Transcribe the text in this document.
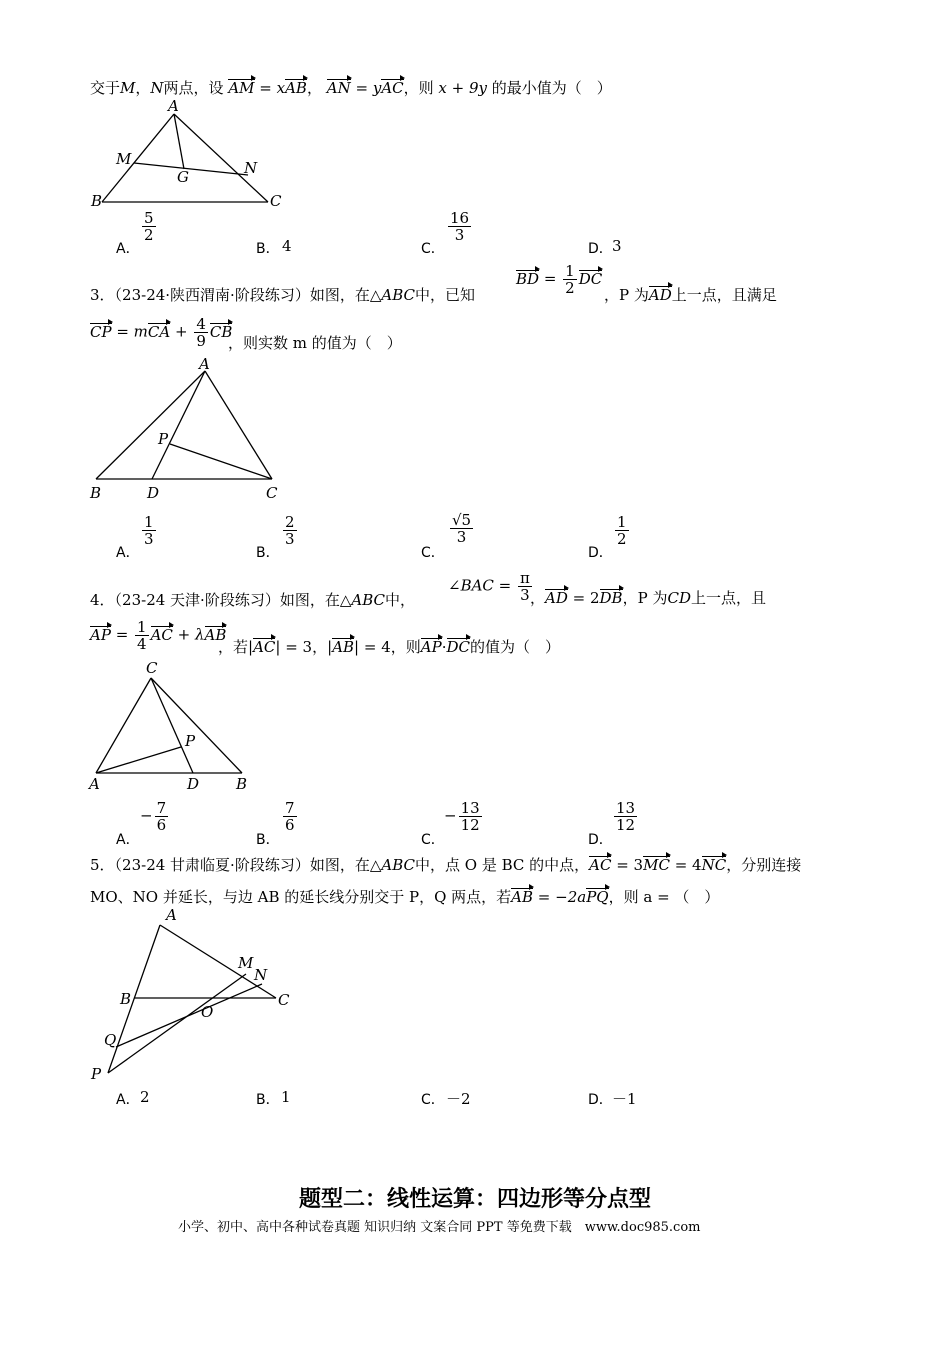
交于M，N两点，设 AM = xAB， AN = yAC，则 x + 9y 的最小值为（　）
A
M
G	N
B	C
A．
$\frac{5}{2}$
B． 4	C．
$\frac{16}{3}$
D． 3
3．（23-24·陕西渭南·阶段练习）如图，在△ABC中，已知
BD = $\frac{1}{2}$ DC
，P 为AD上一点，且满足
CP = mCA + $\frac{4}{9}$ CB
，则实数 m 的值为（　）
A
P
B	D	C
A．
$\frac{1}{3}$
B．
$\frac{2}{3}$
C．
$\frac{√5}{3}$
D．
$\frac{1}{2}$
4．（23-24 天津·阶段练习）如图，在△ABC中，
∠BAC = $\frac{\pi}{3}$
，AD = 2DB，P 为CD上一点，且
AP = $\frac{1}{4}$ AC + λAB
，若|AC| = 3，|AB| = 4，则AP·DC的值为（　）
C
P
A	D B
A．
− $\frac{7}{6}$
B．
$\frac{7}{6}$
C．
− $\frac{13}{12}$
D．
$\frac{13}{12}$
5．（23-24 甘肃临夏·阶段练习）如图，在△ABC中，点 O 是 BC 的中点，AC = 3MC = 4NC，分别连接
MO、NO 并延长，与边 AB 的延长线分别交于 P，Q 两点，若AB = −2aPQ，则 a = （　）
A
M
N
B	C
O
Q
P
A． 2	B． 1	C． －2	D． －1
题型二：线性运算：四边形等分点型
小学、初中、高中各种试卷真题 知识归纳 文案合同 PPT 等免费下载　www.doc985.com
